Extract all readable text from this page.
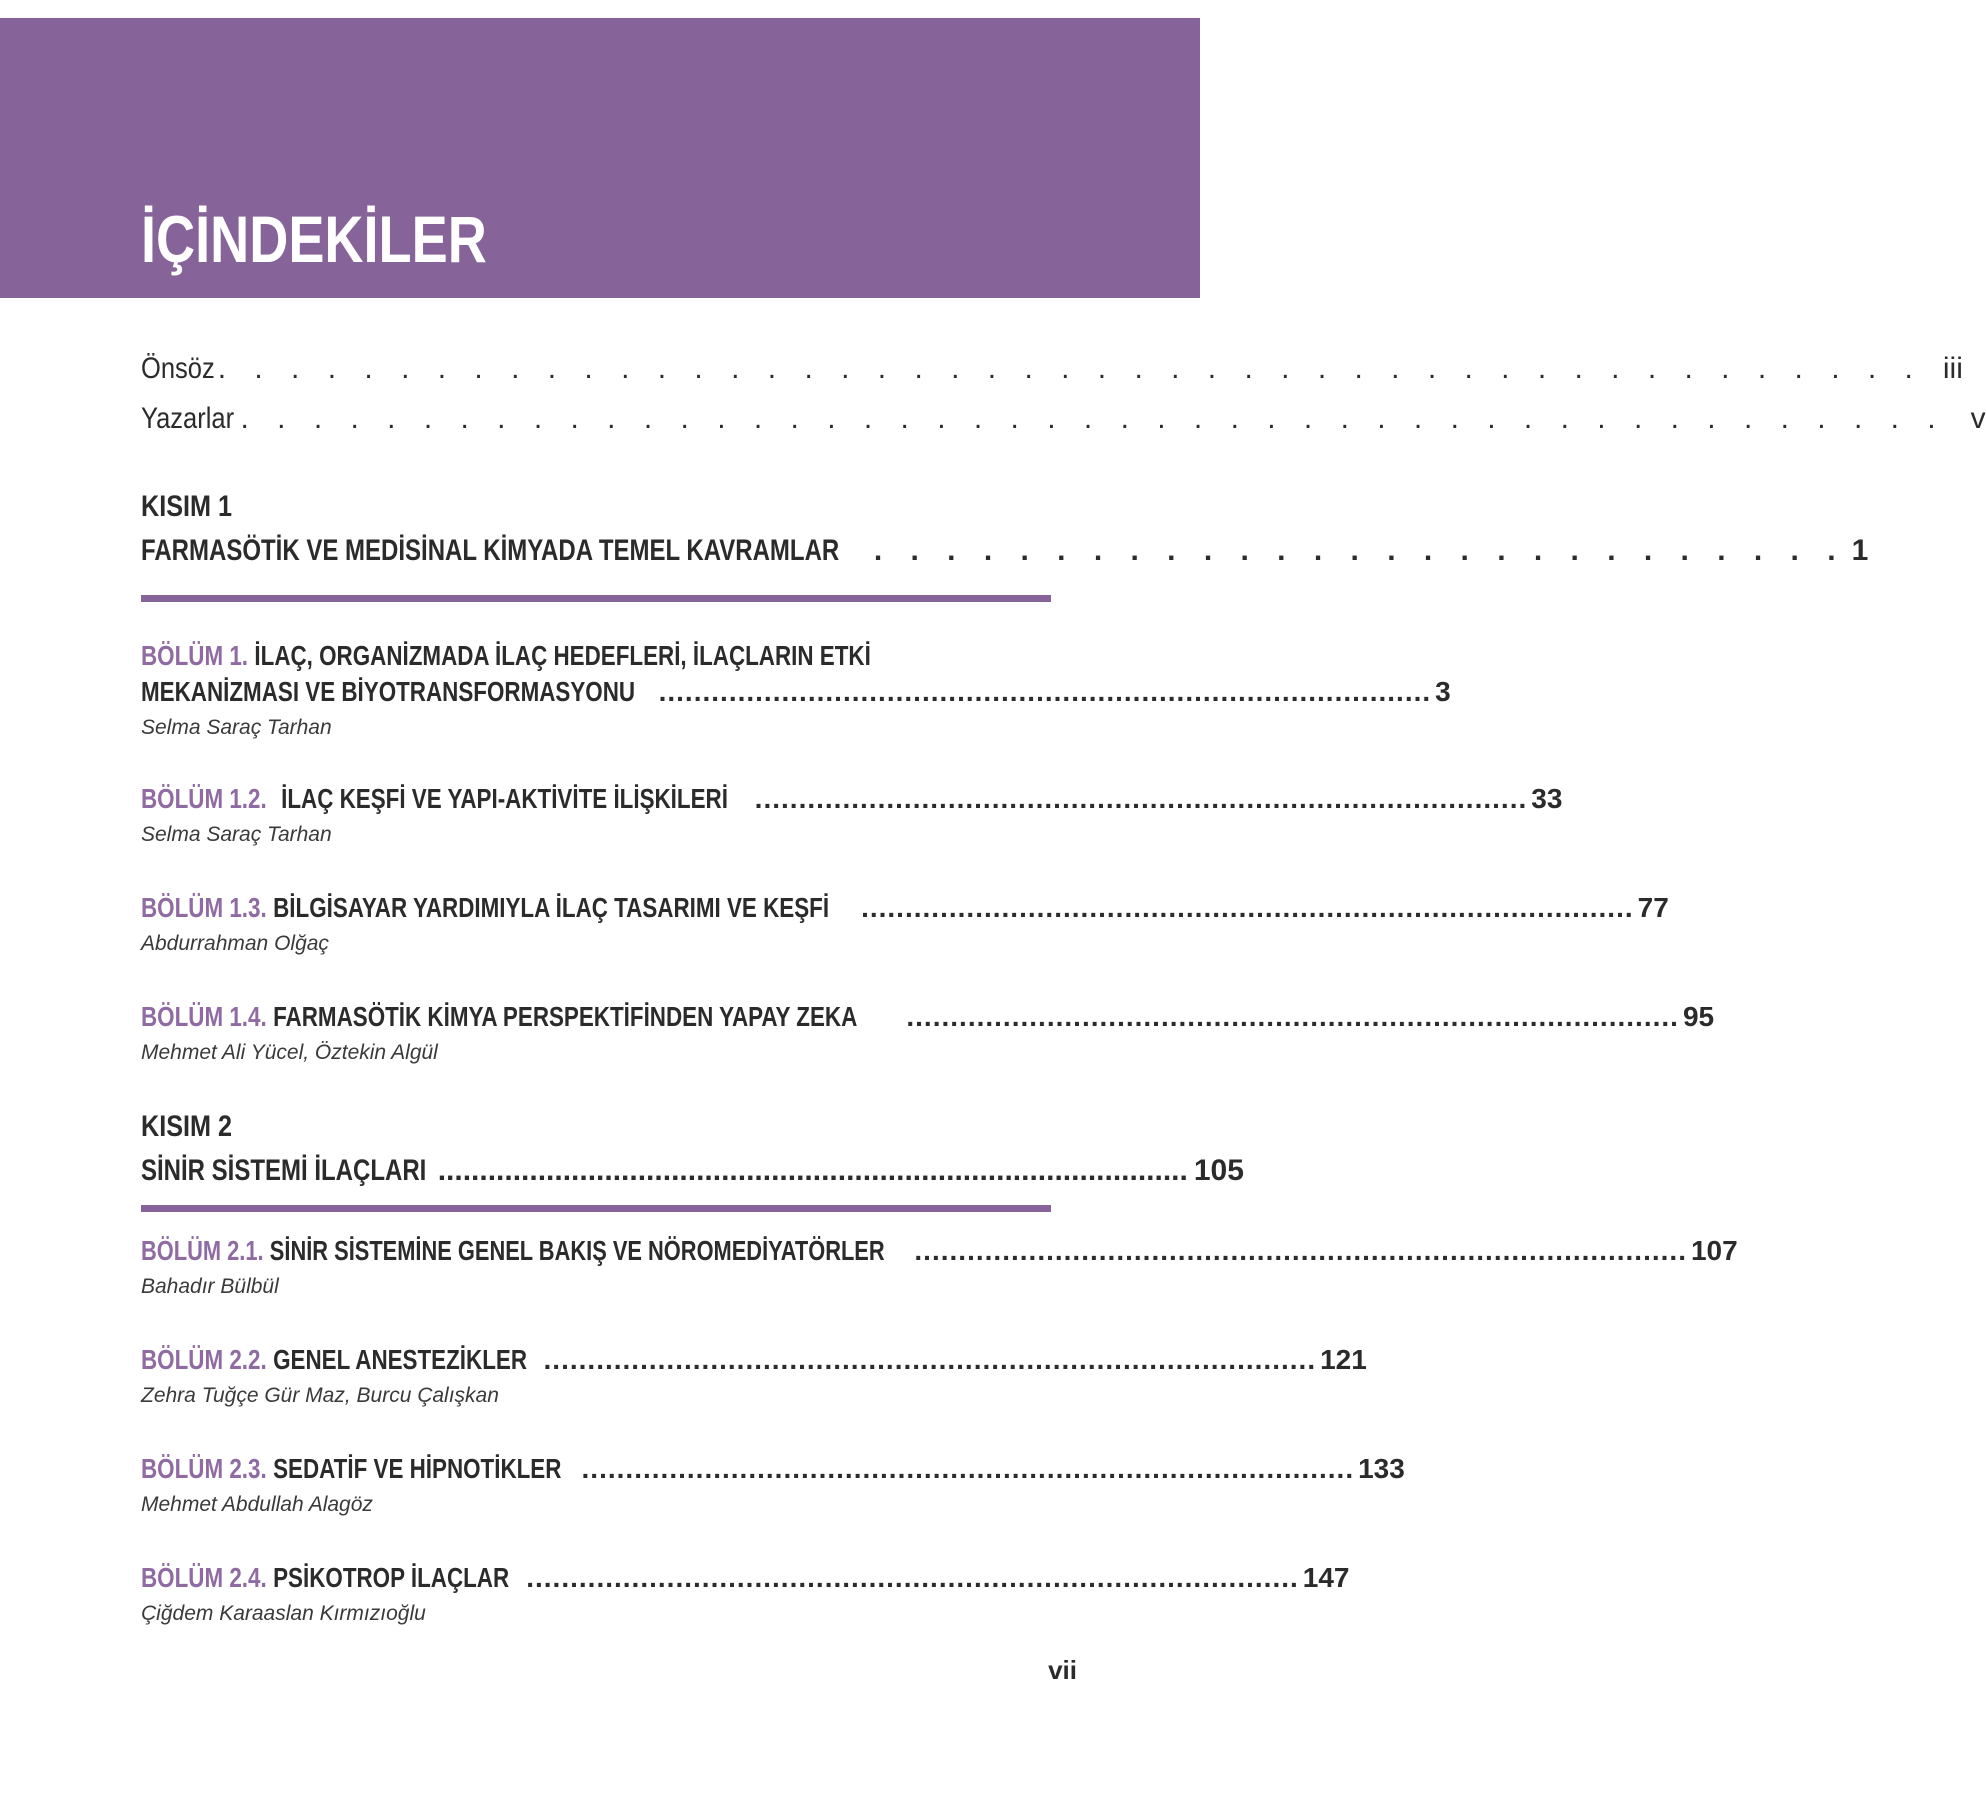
İÇİNDEKİLER
Önsöz . . . . . . . . . . . . . . . . . . . . . . . . . . . . . . . . . . . . . . . . . . . . . . . iii
Yazarlar . . . . . . . . . . . . . . . . . . . . . . . . . . . . . . . . . . . . . . . . . . . . . . . v
KISIM 1
FARMASÖTİK VE MEDİSİNAL KİMYADA TEMEL KAVRAMLAR	. . . . . . . . . . . . . . . . . . . . . . . . . . . 1
BÖLÜM 1. İLAÇ, ORGANİZMADA İLAÇ HEDEFLERİ, İLAÇLARIN ETKİ
MEKANİZMASI VE BİYOTRANSFORMASYONU ........................................................................................ 3
Selma Saraç Tarhan
BÖLÜM 1.2. İLAÇ KEŞFİ VE YAPI-AKTİVİTE İLİŞKİLERİ ........................................................................................ 33
Selma Saraç Tarhan
BÖLÜM 1.3. BİLGİSAYAR YARDIMIYLA İLAÇ TASARIMI VE KEŞFİ ........................................................................................ 77
Abdurrahman Olğaç
BÖLÜM 1.4. FARMASÖTİK KİMYA PERSPEKTİFİNDEN YAPAY ZEKA ........................................................................................ 95
Mehmet Ali Yücel, Öztekin Algül
KISIM 2
SİNİR SİSTEMİ İLAÇLARI .......................................................................................... 105
BÖLÜM 2.1. SİNİR SİSTEMİNE GENEL BAKIŞ VE NÖROMEDİYATÖRLER ........................................................................................ 107
Bahadır Bülbül
BÖLÜM 2.2. GENEL ANESTEZİKLER ........................................................................................ 121
Zehra Tuğçe Gür Maz, Burcu Çalışkan
BÖLÜM 2.3. SEDATİF VE HİPNOTİKLER ........................................................................................ 133
Mehmet Abdullah Alagöz
BÖLÜM 2.4. PSİKOTROP İLAÇLAR ........................................................................................ 147
Çiğdem Karaaslan Kırmızıoğlu
vii
